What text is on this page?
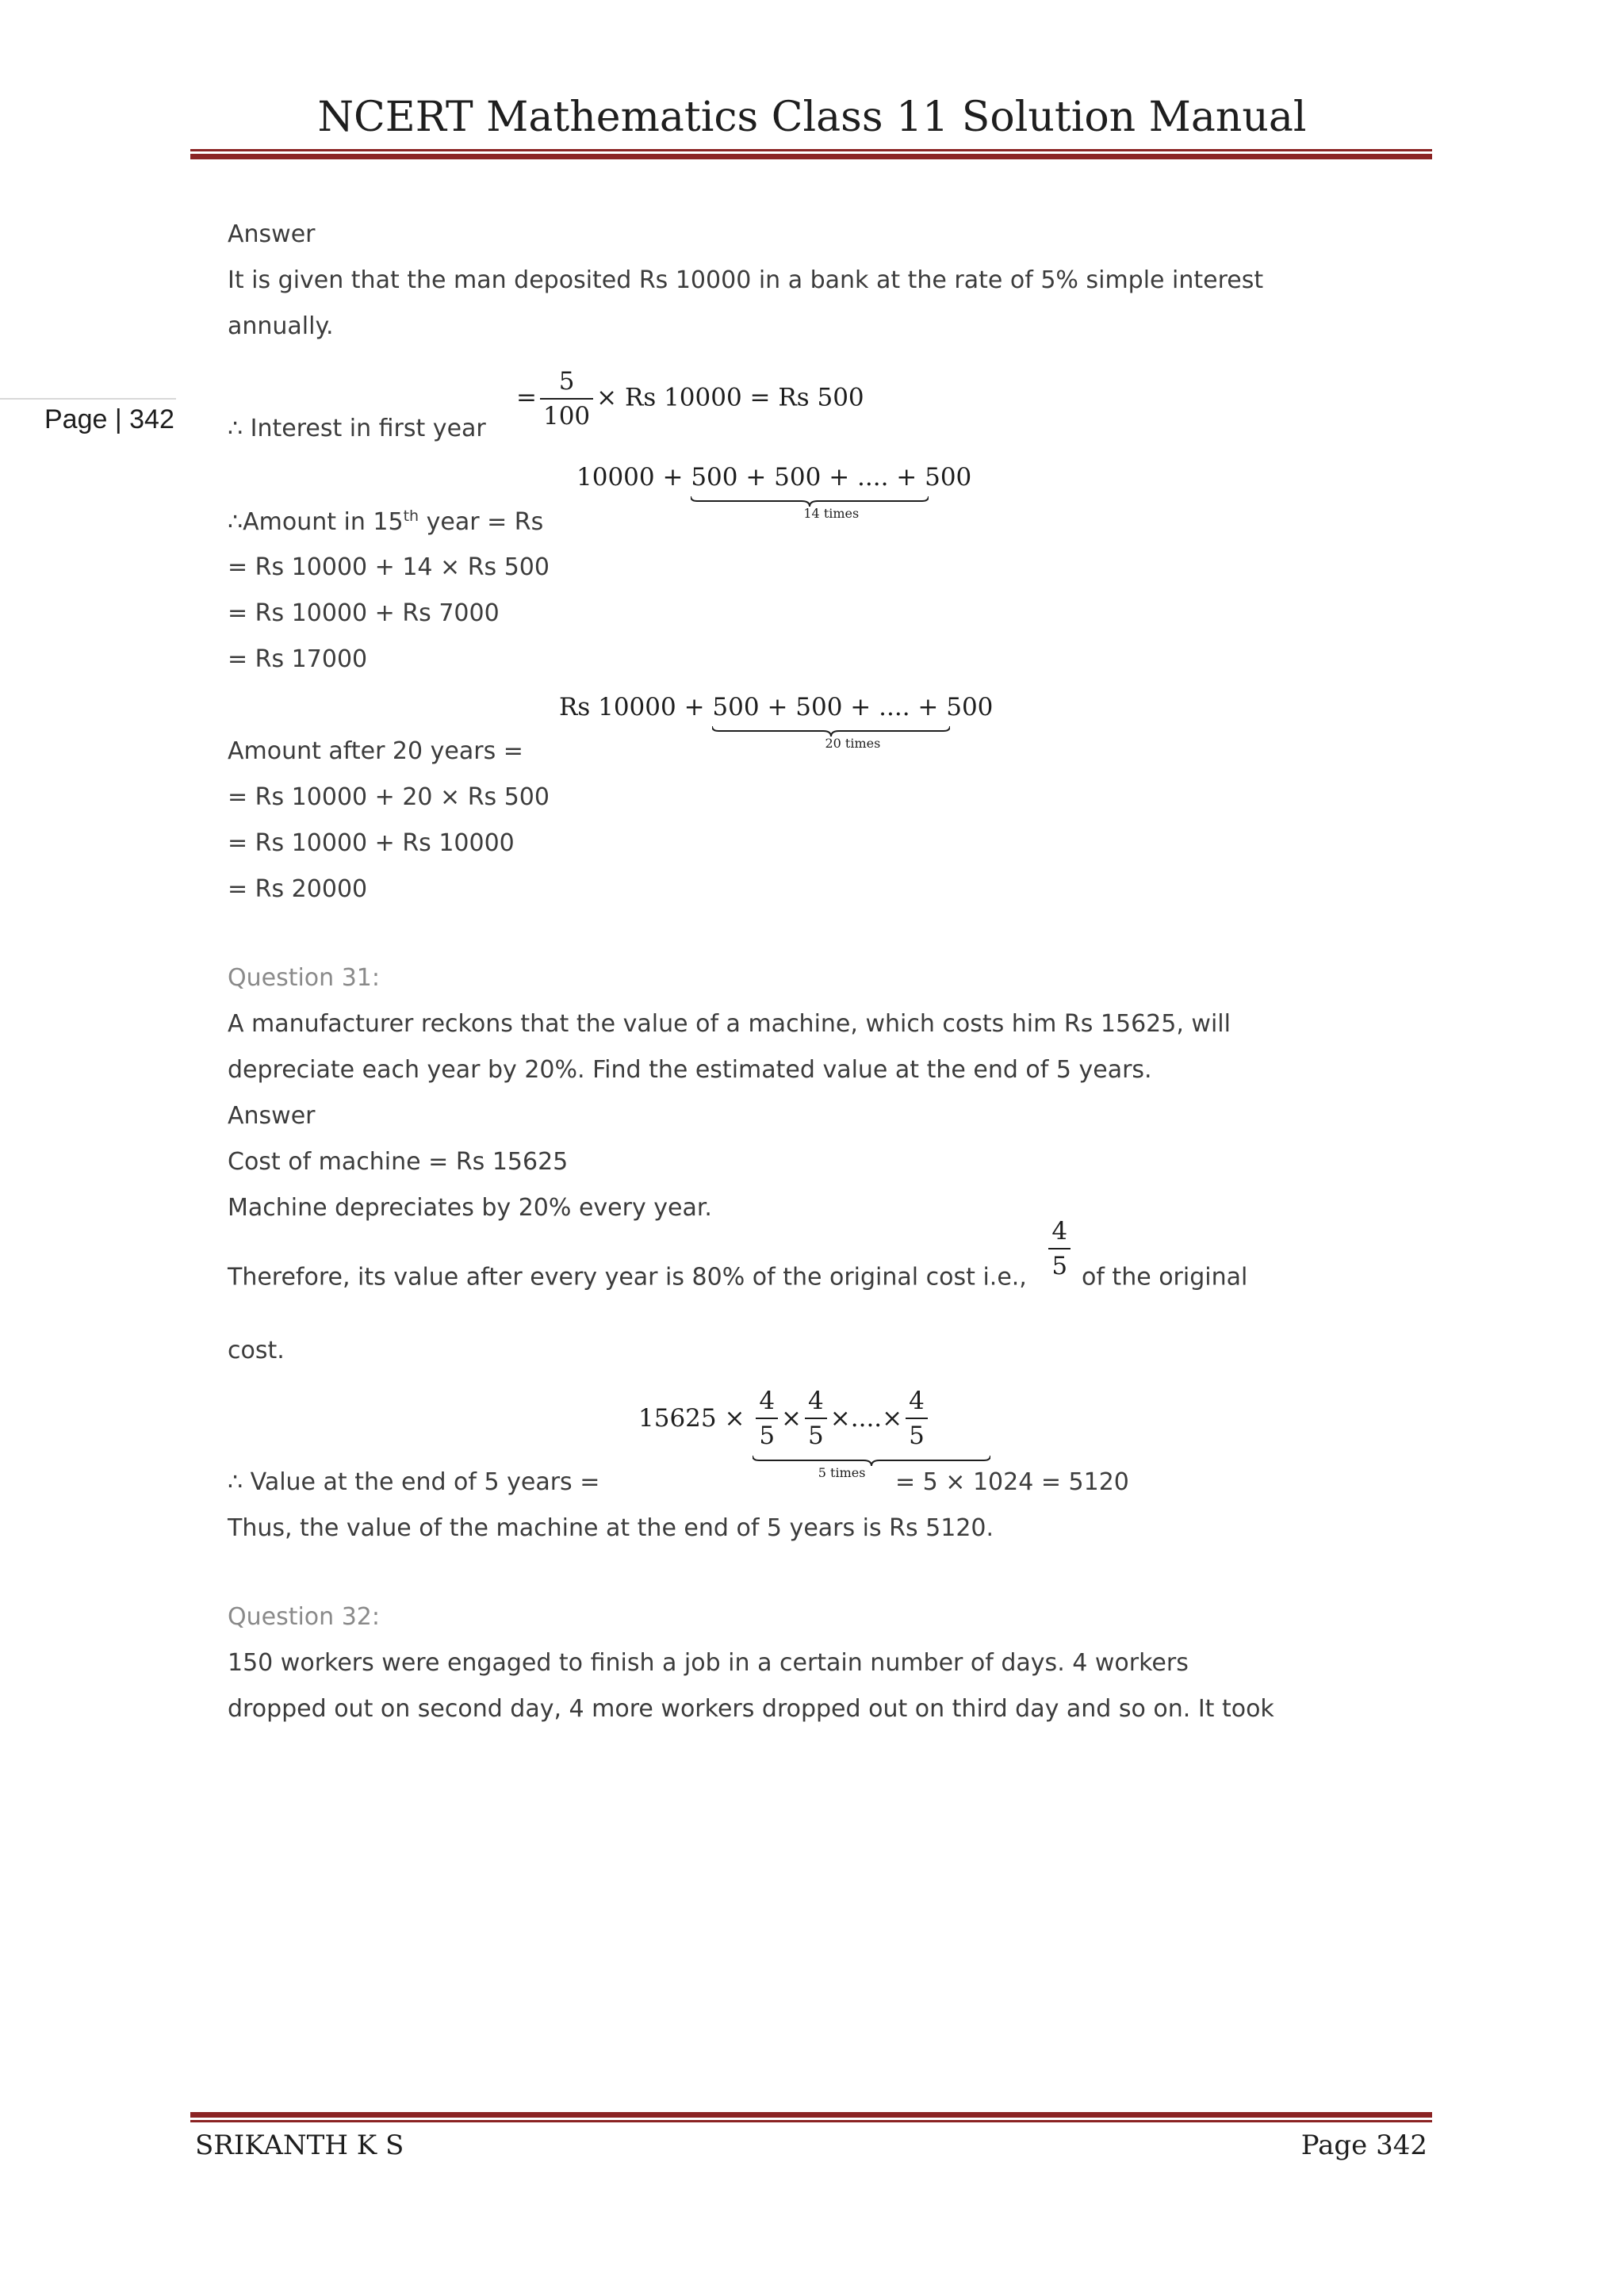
NCERT Mathematics Class 11 Solution Manual
Page | 342
Answer
It is given that the man deposited Rs 10000 in a bank at the rate of 5% simple interest
annually.
= $\frac{5}{100} \times Rs$ 10000 = Rs 500
∴ Interest in first year
10000 + 500 + 500 + .... + 500
14 times
∴Amount in 15th year = Rs
= Rs 10000 + 14 × Rs 500
= Rs 10000 + Rs 7000
= Rs 17000
Rs 10000 + 500 + 500 + .... + 500
20 times
Amount after 20 years =
= Rs 10000 + 20 × Rs 500
= Rs 10000 + Rs 10000
= Rs 20000
Question 31:
A manufacturer reckons that the value of a machine, which costs him Rs 15625, will
depreciate each year by 20%. Find the estimated value at the end of 5 years.
Answer
Cost of machine = Rs 15625
Machine depreciates by 20% every year.
Therefore, its value after every year is 80% of the original cost i.e., $\frac{4}{5}$ of the original
cost.
$15625 \times \frac{4}{5} \times \frac{4}{5}$ ×....× $\frac{4}{5}$
5 times
∴ Value at the end of 5 years =	= 5 × 1024 = 5120
Thus, the value of the machine at the end of 5 years is Rs 5120.
Question 32:
150 workers were engaged to finish a job in a certain number of days. 4 workers
dropped out on second day, 4 more workers dropped out on third day and so on. It took
SRIKANTH K S	Page 342
